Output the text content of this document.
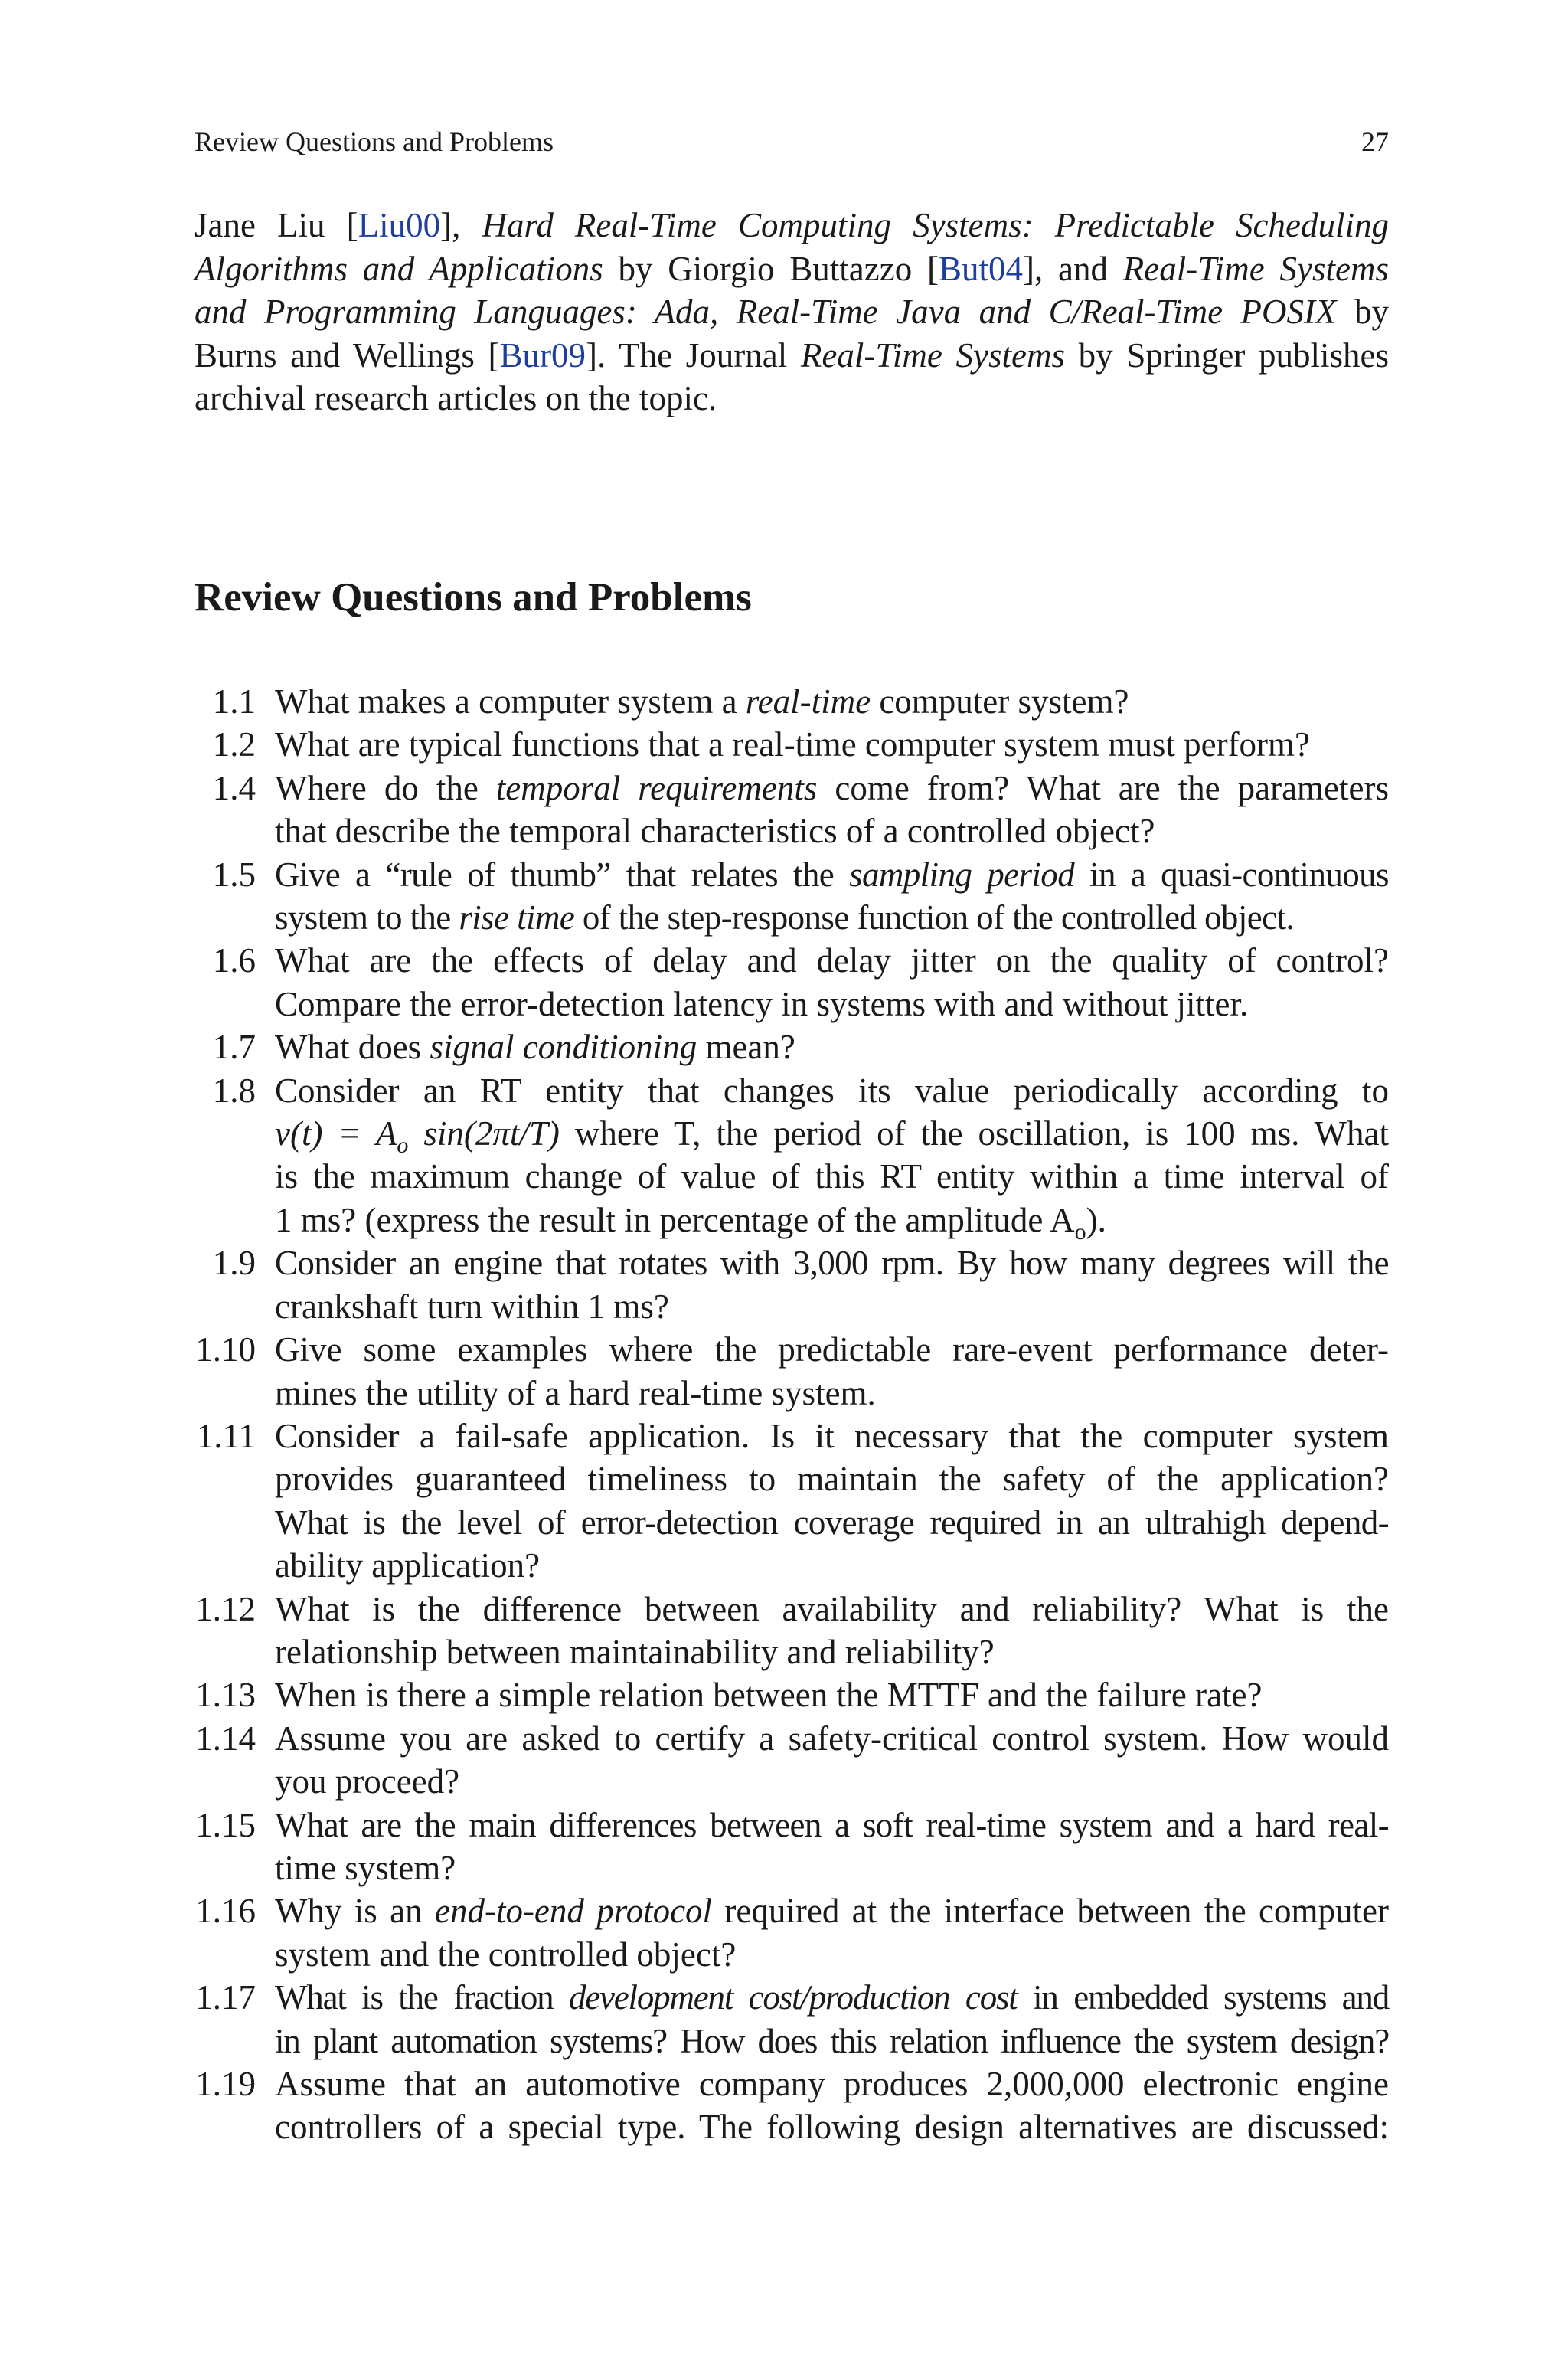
Review Questions and Problems	27
Jane Liu [Liu00], Hard Real-Time Computing Systems: Predictable Scheduling
Algorithms and Applications by Giorgio Buttazzo [But04], and Real-Time Systems
and Programming Languages: Ada, Real-Time Java and C/Real-Time POSIX by
Burns and Wellings [Bur09]. The Journal Real-Time Systems by Springer publishes
archival research articles on the topic.
Review Questions and Problems
1.1 What makes a computer system a real-time computer system?
1.2 What are typical functions that a real-time computer system must perform?
1.4 Where do the temporal requirements come from? What are the parameters
that describe the temporal characteristics of a controlled object?
1.5 Give a “rule of thumb” that relates the sampling period in a quasi-continuous
system to the rise time of the step-response function of the controlled object.
1.6 What are the effects of delay and delay jitter on the quality of control?
Compare the error-detection latency in systems with and without jitter.
1.7 What does signal conditioning mean?
1.8 Consider an RT entity that changes its value periodically according to
$v(t) = A_o$ sin(2πt/T) where T, the period of the oscillation, is 100 ms. What
is the maximum change of value of this RT entity within a time interval of
1 ms? (express the result in percentage of the amplitude $A_o$).
1.9 Consider an engine that rotates with 3,000 rpm. By how many degrees will the
crankshaft turn within 1 ms?
1.10 Give some examples where the predictable rare-event performance deter-
mines the utility of a hard real-time system.
1.11 Consider a fail-safe application. Is it necessary that the computer system
provides guaranteed timeliness to maintain the safety of the application?
What is the level of error-detection coverage required in an ultrahigh depend-
ability application?
1.12 What is the difference between availability and reliability? What is the
relationship between maintainability and reliability?
1.13 When is there a simple relation between the MTTF and the failure rate?
1.14 Assume you are asked to certify a safety-critical control system. How would
you proceed?
1.15 What are the main differences between a soft real-time system and a hard real-
time system?
1.16 Why is an end-to-end protocol required at the interface between the computer
system and the controlled object?
1.17 What is the fraction development cost/production cost in embedded systems and
in plant automation systems? How does this relation influence the system design?
1.19 Assume that an automotive company produces 2,000,000 electronic engine
controllers of a special type. The following design alternatives are discussed:
